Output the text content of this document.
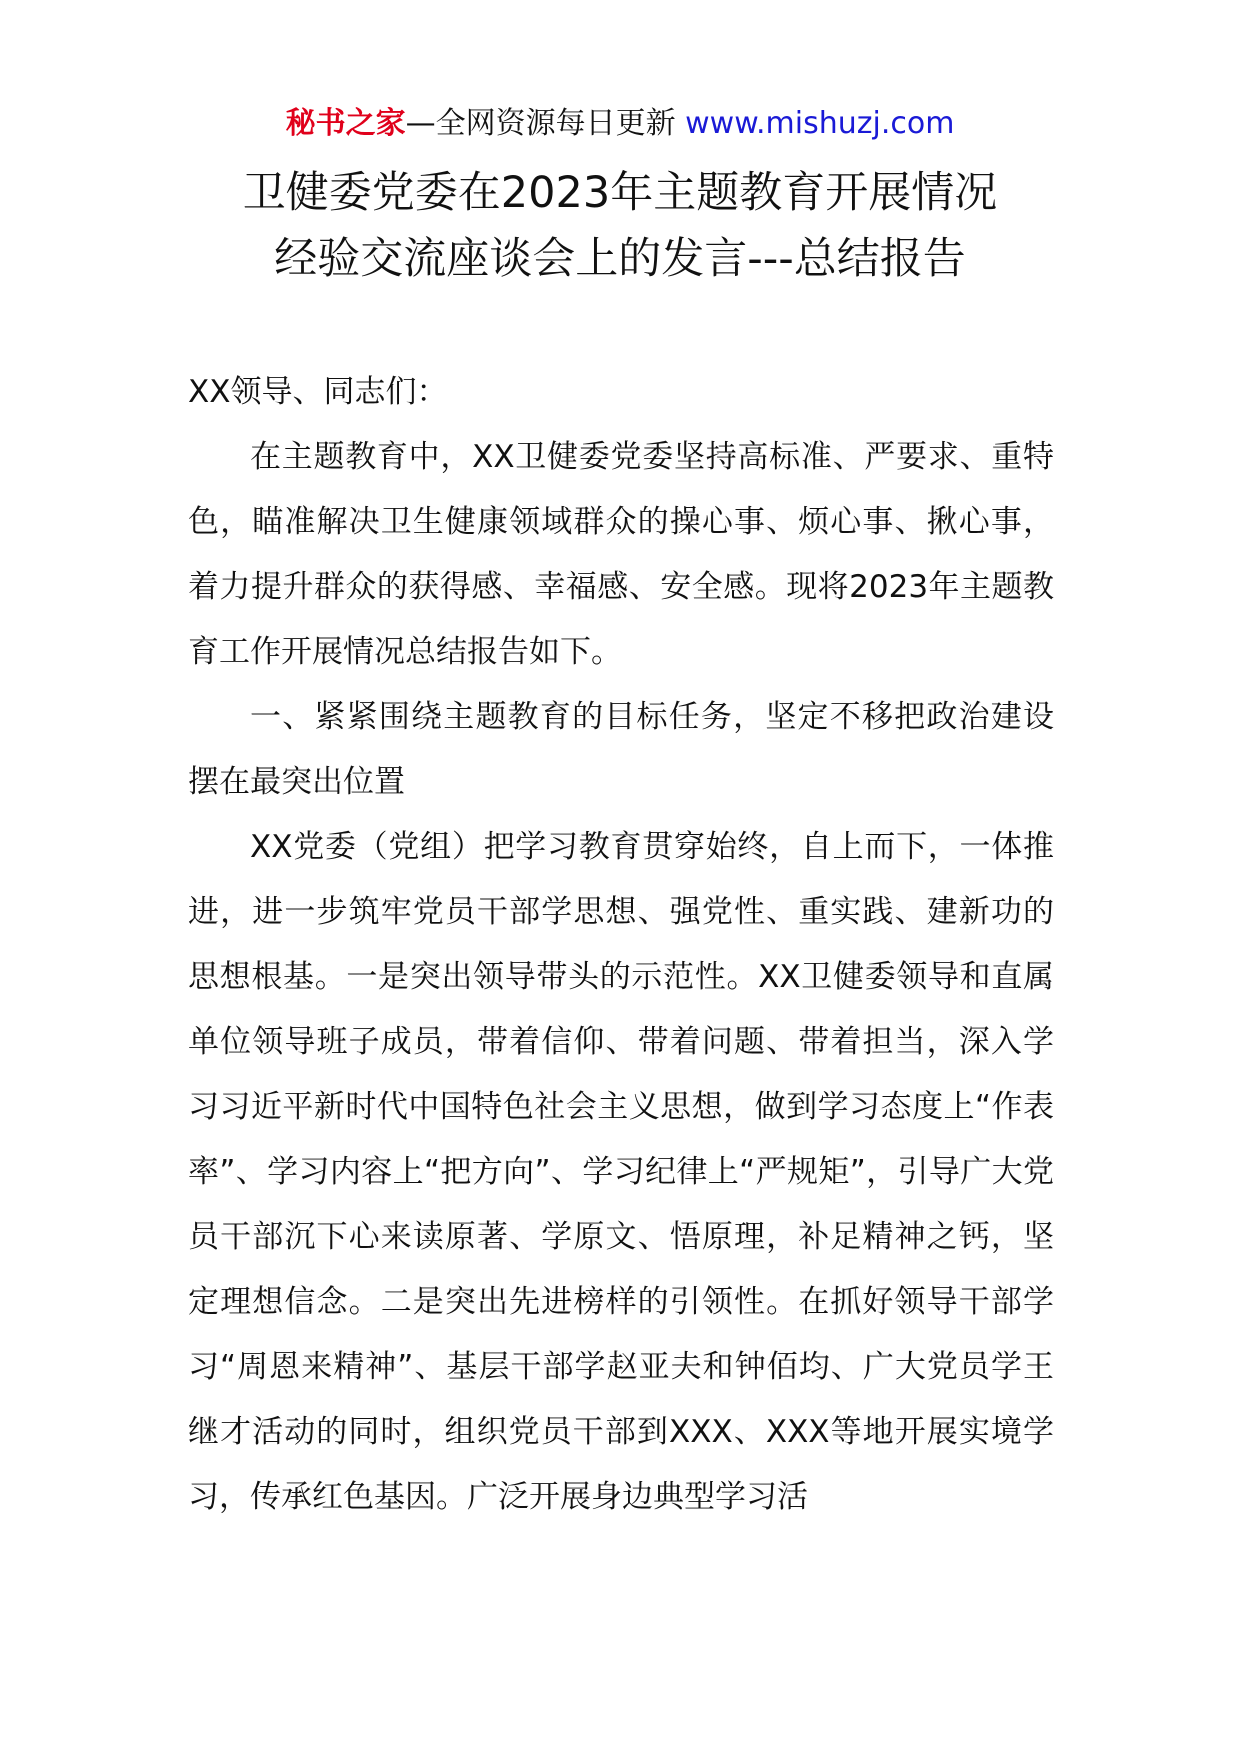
秘书之家—全网资源每日更新 www.mishuzj.com
卫健委党委在2023年主题教育开展情况
经验交流座谈会上的发言---总结报告

XX领导、同志们：

在主题教育中，XX卫健委党委坚持高标准、严要求、重特色，瞄准解决卫生健康领域群众的操心事、烦心事、揪心事，着力提升群众的获得感、幸福感、安全感。现将2023年主题教育工作开展情况总结报告如下。

一、紧紧围绕主题教育的目标任务，坚定不移把政治建设摆在最突出位置

XX党委（党组）把学习教育贯穿始终，自上而下，一体推进，进一步筑牢党员干部学思想、强党性、重实践、建新功的思想根基。一是突出领导带头的示范性。XX卫健委领导和直属单位领导班子成员，带着信仰、带着问题、带着担当，深入学习习近平新时代中国特色社会主义思想，做到学习态度上“作表率”、学习内容上“把方向”、学习纪律上“严规矩”，引导广大党员干部沉下心来读原著、学原文、悟原理，补足精神之钙，坚定理想信念。二是突出先进榜样的引领性。在抓好领导干部学习“周恩来精神”、基层干部学赵亚夫和钟佰均、广大党员学王继才活动的同时，组织党员干部到XXX、XXX等地开展实境学习，传承红色基因。广泛开展身边典型学习活
